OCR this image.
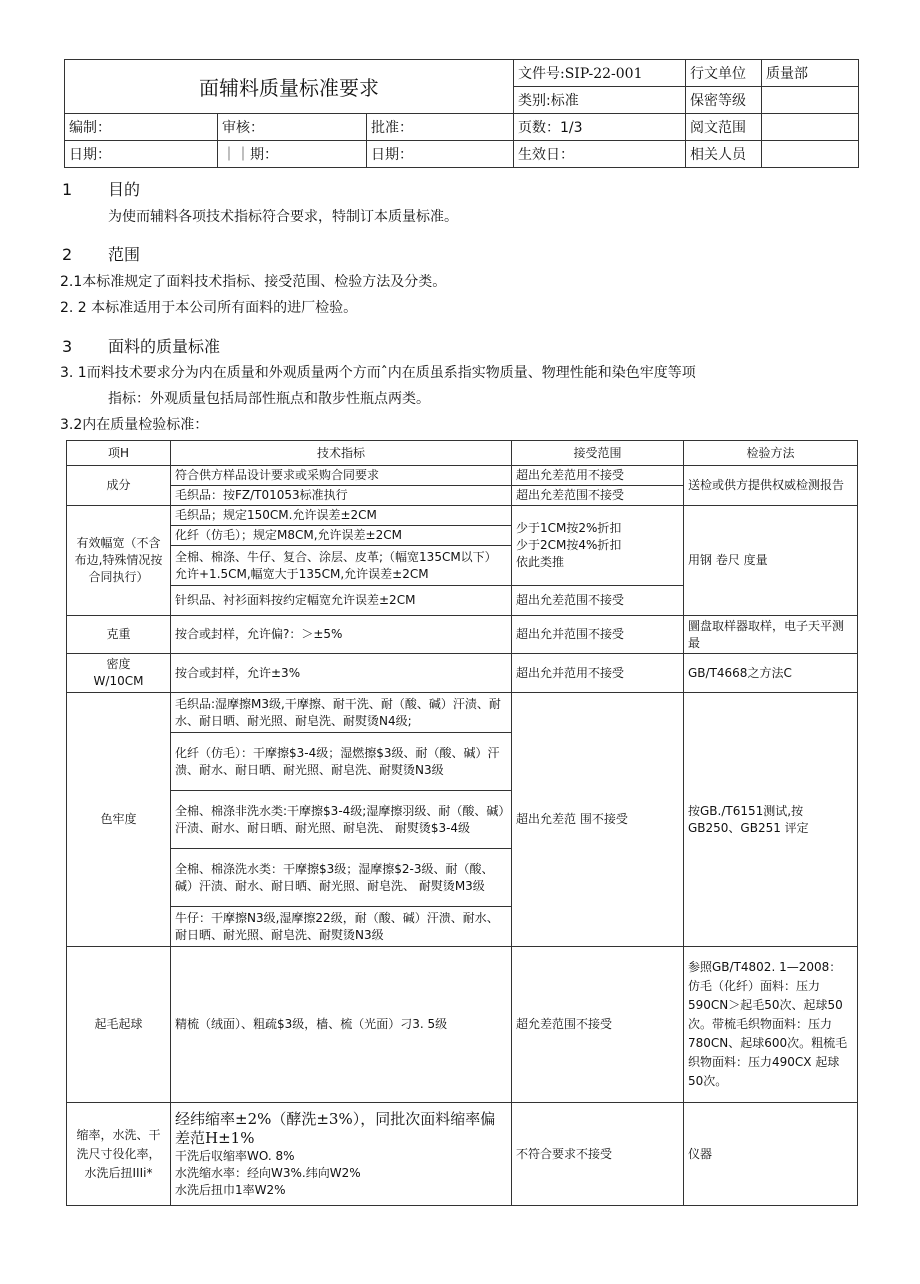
面辅料质量标准要求			文件号:SIP-22-001	行文单位	质量部
			类别:标准	保密等级	
编制：	审核：	批准：	页数：1/3	阅文范围	
日期：	｜｜期：	日期：	生效日：	相关人员	
1 目的
为使而辅料各项技术指标符合要求，特制订本质量标准。
2 范围
2.1本标准规定了面料技术指标、接受范围、检验方法及分类。
2. 2 本标准适用于本公司所有面料的进厂检验。
3 面料的质量标准
3. 1而料技术要求分为内在质量和外观质量两个方而ˆ内在质虽系指实物质量、物理性能和染色牢度等项
指标：外观质量包括局部性瓶点和散步性瓶点两类。
3.2内在质量检验标准：
项H	技术指标	接受范围	检验方法
成分	符合供方样品设计要求或采购合同要求	超出允差范用不接受	送检或供方提供权威检测报告
	毛织品：按FZ/T01053标准执行	超出允差范围不接受	
有效幅宽（不含布边,特殊情况按合同执行）	毛织品；规定150CM.允许误差±2CM	少于1CM按2%折扣
少于2CM按4%折扣
依此类推	用钢 卷尺 度量
	化纤（仿毛）；规定M8CM,允许误差±2CM		
	全棉、棉涤、牛仔、复合、涂层、皮革;（幅宽135CM以下）允许+1.5CM,幅宽大于135CM,允许误差±2CM		
	针织品、衬衫面料按约定幅宽允许误差±2CM	超出允差范围不接受	
克重	按合或封样，允许偏?：＞±5%	超出允并范围不接受	圜盘取样器取样，电子天平测最
密度
W/10CM	按合或封样，允许±3%	超出允并范用不接受	GB/T4668之方法C
色牢度	毛织品:湿摩擦M3级,干摩擦、耐干洗、耐（酸、碱）汗渍、耐水、耐日晒、耐光照、耐皂洗、耐熨烫N4级;	超出允差范 围不接受	按GB./T6151测试,按GB250、GB251 评定
	化纤（仿毛）：干摩擦$3-4级；湿燃擦$3级、耐（酸、碱）汗溃、耐水、耐日晒、耐光照、耐皂洗、耐熨烫N3级		
	全棉、棉涤非洗水类:干摩擦$3-4级;湿摩擦羽级、耐（酸、碱）汗渍、耐水、耐日晒、耐光照、耐皂洗、 耐熨烫$3-4级		
	全棉、棉涤洗水类：干摩擦$3级；湿摩擦$2-3级、耐（酸、碱）汗渍、耐水、耐日晒、耐光照、耐皂洗、 耐熨烫M3级		
	牛仔：干摩擦N3级,湿摩擦22级，耐（酸、碱）汗溃、耐水、耐日晒、耐光照、耐皂洗、耐熨烫N3级		
起毛起球	精梳（绒面）、粗疏$3级，樯、梳（光面）刁3. 5级	超允差范围不接受	参照GB/T4802. 1—2008：仿毛（化纤）面料：压力590CN＞起毛50次、起球50次。带梳毛织物面料：压力780CN、起球600次。粗梳毛织物面料：压力490CX 起球50次。
缩率，水洗、干洗尺寸役化率，水洗后扭IIIi*	经纬缩率±2%（酵洗±3%），同批次面料缩率偏差范H±1%
干洗后収缩率WO. 8%
水洗缩水率：经向W3%.纬向W2%
水洗后扭巾1率W2%	不符合要求不接受	仪器
